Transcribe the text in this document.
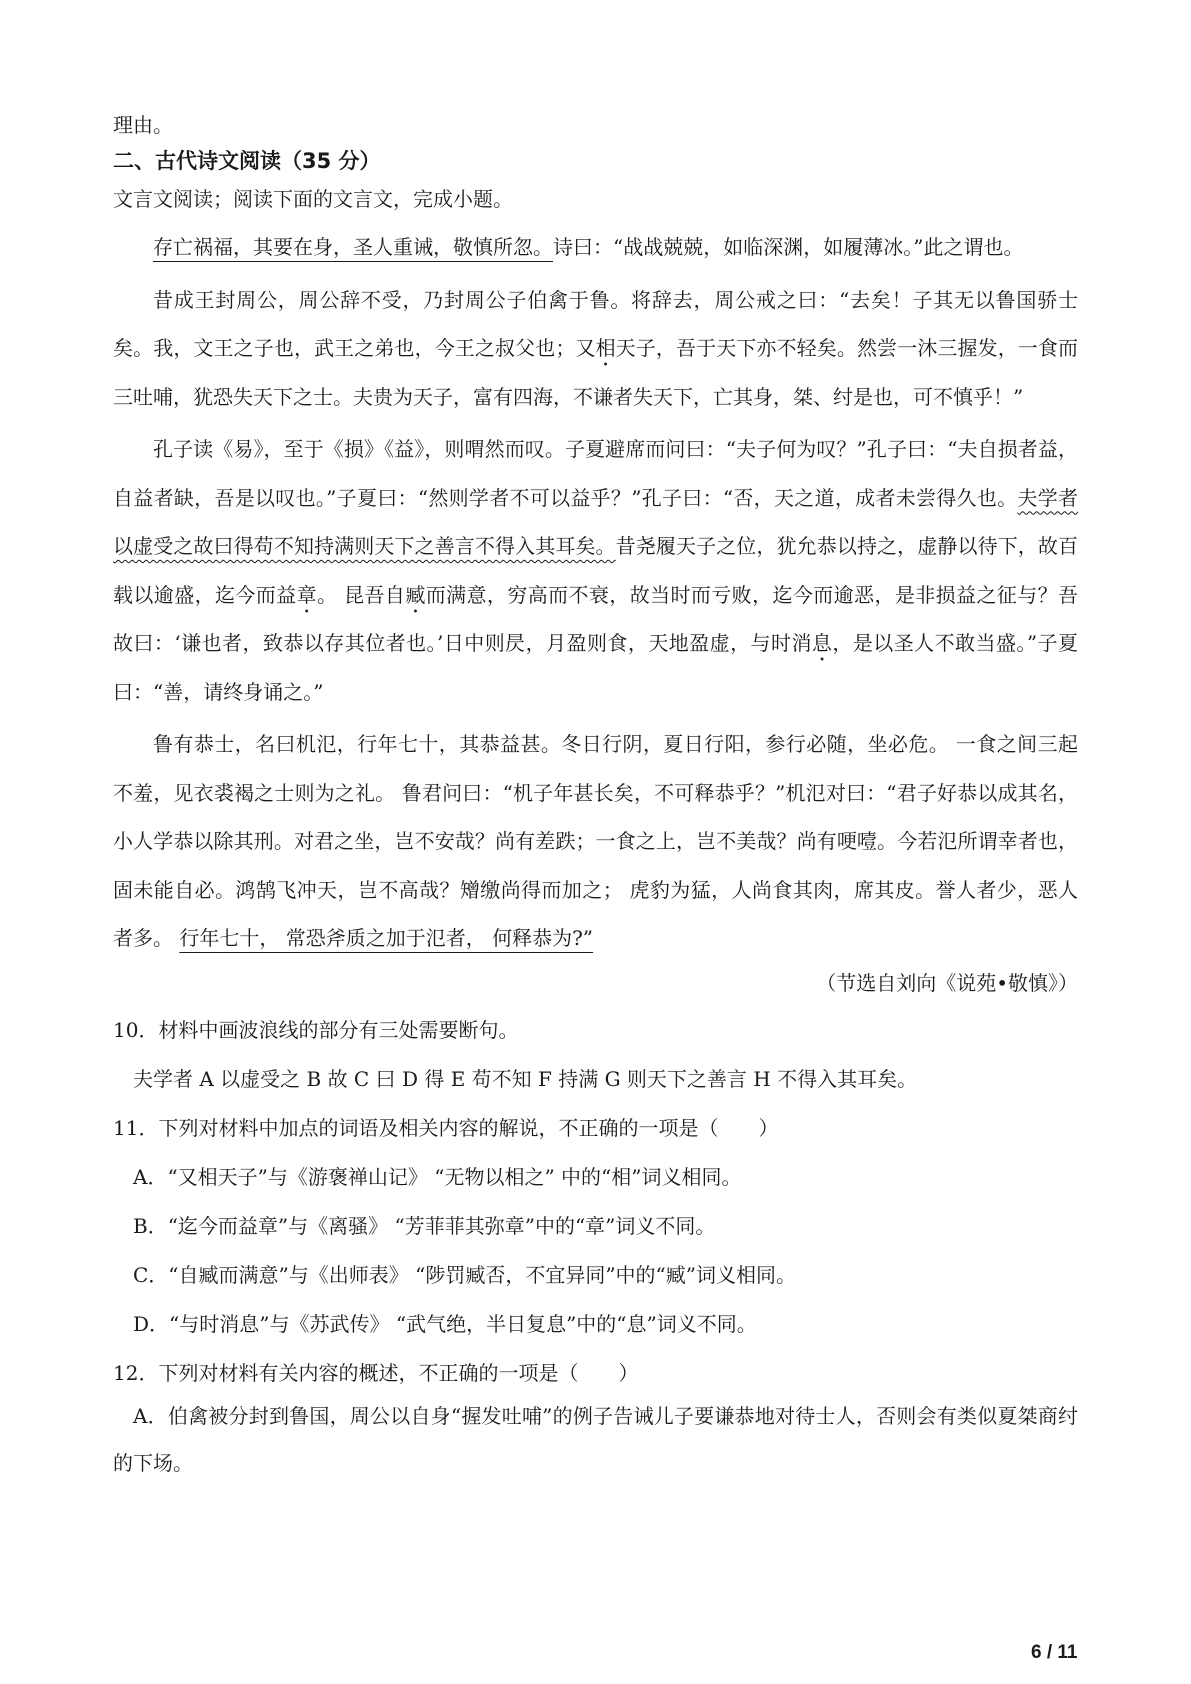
理由。
二、古代诗文阅读（35 分）
文言文阅读；阅读下面的文言文，完成小题。

存亡祸福，其要在身，圣人重诫，敬慎所忽。诗曰：“战战兢兢，如临深渊，如履薄冰。”此之谓也。

昔成王封周公，周公辞不受，乃封周公子伯禽于鲁。将辞去，周公戒之曰：“去矣！子其无以鲁国骄士矣。我，文王之子也，武王之弟也，今王之叔父也；又相天子，吾于天下亦不轻矣。然尝一沐三握发，一食而三吐哺，犹恐失天下之士。夫贵为天子，富有四海，不谦者失天下，亡其身，桀、纣是也，可不慎乎！”

孔子读《易》，至于《损》《益》，则喟然而叹。子夏避席而问曰：“夫子何为叹？”孔子曰：“夫自损者益，自益者缺，吾是以叹也。”子夏曰：“然则学者不可以益乎？”孔子曰：“否，天之道，成者未尝得久也。夫学者以虚受之故曰得苟不知持满则天下之善言不得入其耳矣。昔尧履天子之位，犹允恭以持之，虚静以待下，故百载以逾盛，迄今而益章。 昆吾自臧而满意，穷高而不衰，故当时而亏败，迄今而逾恶，是非损益之征与？吾故曰：‘谦也者，致恭以存其位者也。’日中则昃，月盈则食，天地盈虚，与时消息，是以圣人不敢当盛。”子夏曰：“善，请终身诵之。”

鲁有恭士，名曰机氾，行年七十，其恭益甚。冬日行阴，夏日行阳，参行必随，坐必危。 一食之间三起不羞，见衣裘褐之士则为之礼。 鲁君问曰：“机子年甚长矣，不可释恭乎？”机氾对曰：“君子好恭以成其名，小人学恭以除其刑。对君之坐，岂不安哉？尚有差跌；一食之上，岂不美哉？尚有哽噎。今若氾所谓幸者也，固未能自必。鸿鹄飞冲天，岂不高哉？矰缴尚得而加之； 虎豹为猛，人尚食其肉，席其皮。誉人者少，恶人者多。 行年七十， 常恐斧质之加于氾者， 何释恭为?”

（节选自刘向《说苑•敬慎》）
10．材料中画波浪线的部分有三处需要断句。
夫学者 A 以虚受之 B 故 C 曰 D 得 E 苟不知 F 持满 G 则天下之善言 H 不得入其耳矣。
11．下列对材料中加点的词语及相关内容的解说，不正确的一项是（　　）
A．“又相天子”与《游褒禅山记》 “无物以相之” 中的“相”词义相同。
B．“迄今而益章”与《离骚》 “芳菲菲其弥章”中的“章”词义不同。
C．“自臧而满意”与《出师表》 “陟罚臧否，不宜异同”中的“臧”词义相同。
D．“与时消息”与《苏武传》 “武气绝，半日复息”中的“息”词义不同。
12．下列对材料有关内容的概述，不正确的一项是（　　）

A．伯禽被分封到鲁国，周公以自身“握发吐哺”的例子告诫儿子要谦恭地对待士人，否则会有类似夏桀商纣的下场。

6 / 11
